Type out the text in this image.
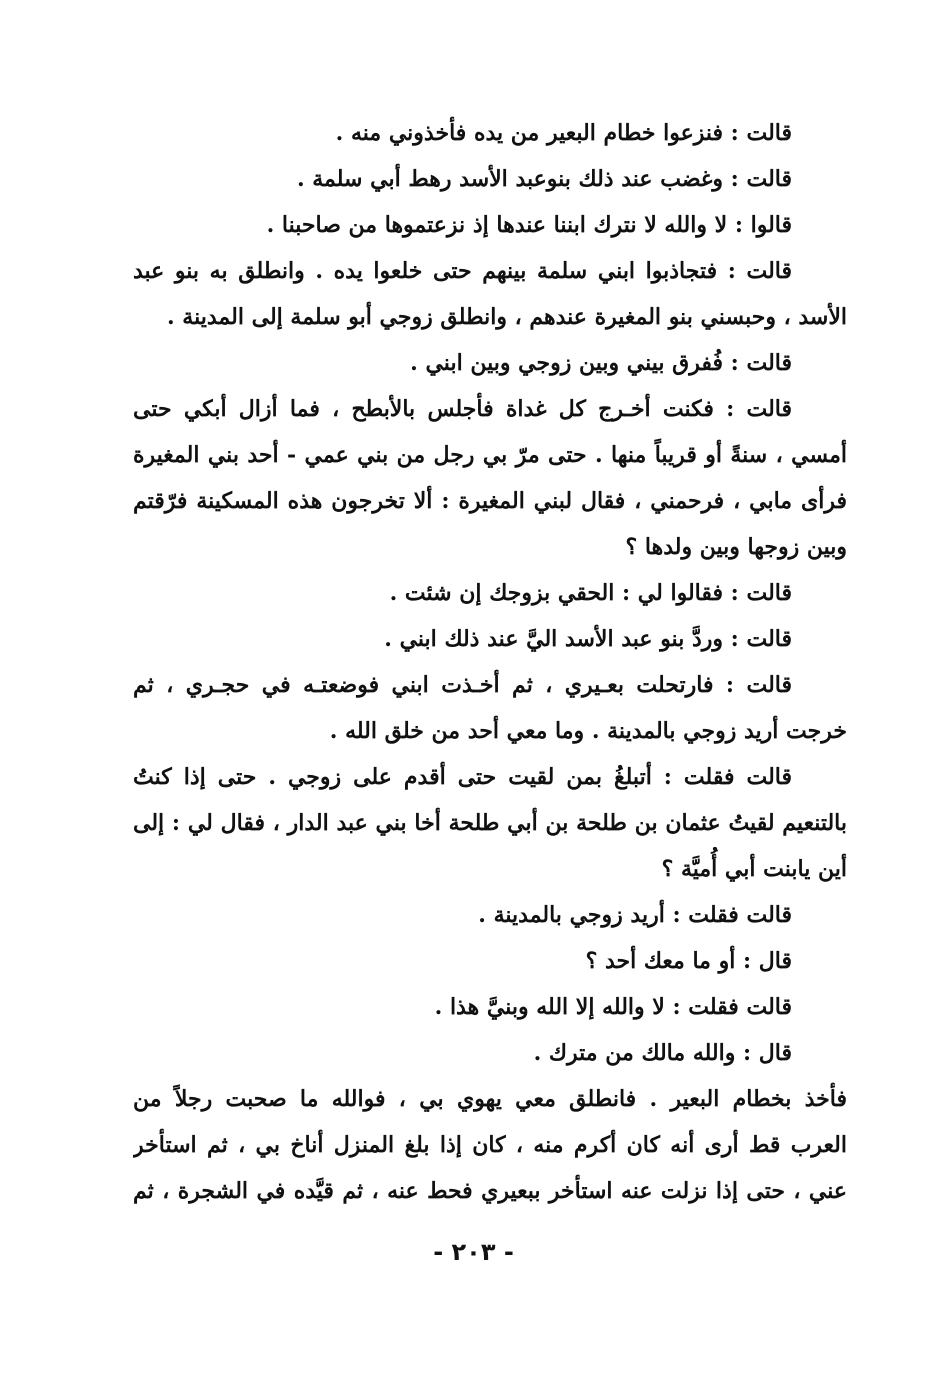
قالت : فنزعوا خطام البعير من يده فأخذوني منه .
قالت : وغضب عند ذلك بنوعبد الأسد رهط أبي سلمة .
قالوا : لا والله لا نترك ابننا عندها إذ نزعتموها من صاحبنا .
قالت : فتجاذبوا ابني سلمة بينهم حتى خلعوا يده . وانطلق به بنو عبد
الأسد ، وحبسني بنو المغيرة عندهم ، وانطلق زوجي أبو سلمة إلى المدينة .
قالت : فُفرق بيني وبين زوجي وبين ابني .
قالت : فكنت أخـرج كل غداة فأجلس بالأبطح ، فما أزال أبكي حتى
أمسي ، سنةً أو قريباً منها . حتى مرّ بي رجل من بني عمي - أحد بني المغيرة
فرأى مابي ، فرحمني ، فقال لبني المغيرة : ألا تخرجون هذه المسكينة فرّقتم
وبين زوجها وبين ولدها ؟
قالت : فقالوا لي : الحقي بزوجك إن شئت .
قالت : وردَّ بنو عبد الأسد اليَّ عند ذلك ابني .
قالت : فارتحلت بعـيري ، ثم أخـذت ابني فوضعتـه في حجـري ، ثم
خرجت أريد زوجي بالمدينة . وما معي أحد من خلق الله .
قالت فقلت : أتبلغُ بمن لقيت حتى أقدم على زوجي . حتى إذا كنتُ
بالتنعيم لقيتُ عثمان بن طلحة بن أبي طلحة أخا بني عبد الدار ، فقال لي : إلى
أين يابنت أبي أُميَّة ؟
قالت فقلت : أريد زوجي بالمدينة .
قال : أو ما معك أحد ؟
قالت فقلت : لا والله إلا الله وبنيَّ هذا .
قال : والله مالك من مترك .
فأخذ بخطام البعير . فانطلق معي يهوي بي ، فوالله ما صحبت رجلاً من
العرب قط أرى أنه كان أكرم منه ، كان إذا بلغ المنزل أناخ بي ، ثم استأخر
عني ، حتى إذا نزلت عنه استأخر ببعيري فحط عنه ، ثم قيَّده في الشجرة ، ثم
- ٢٠٣ -
